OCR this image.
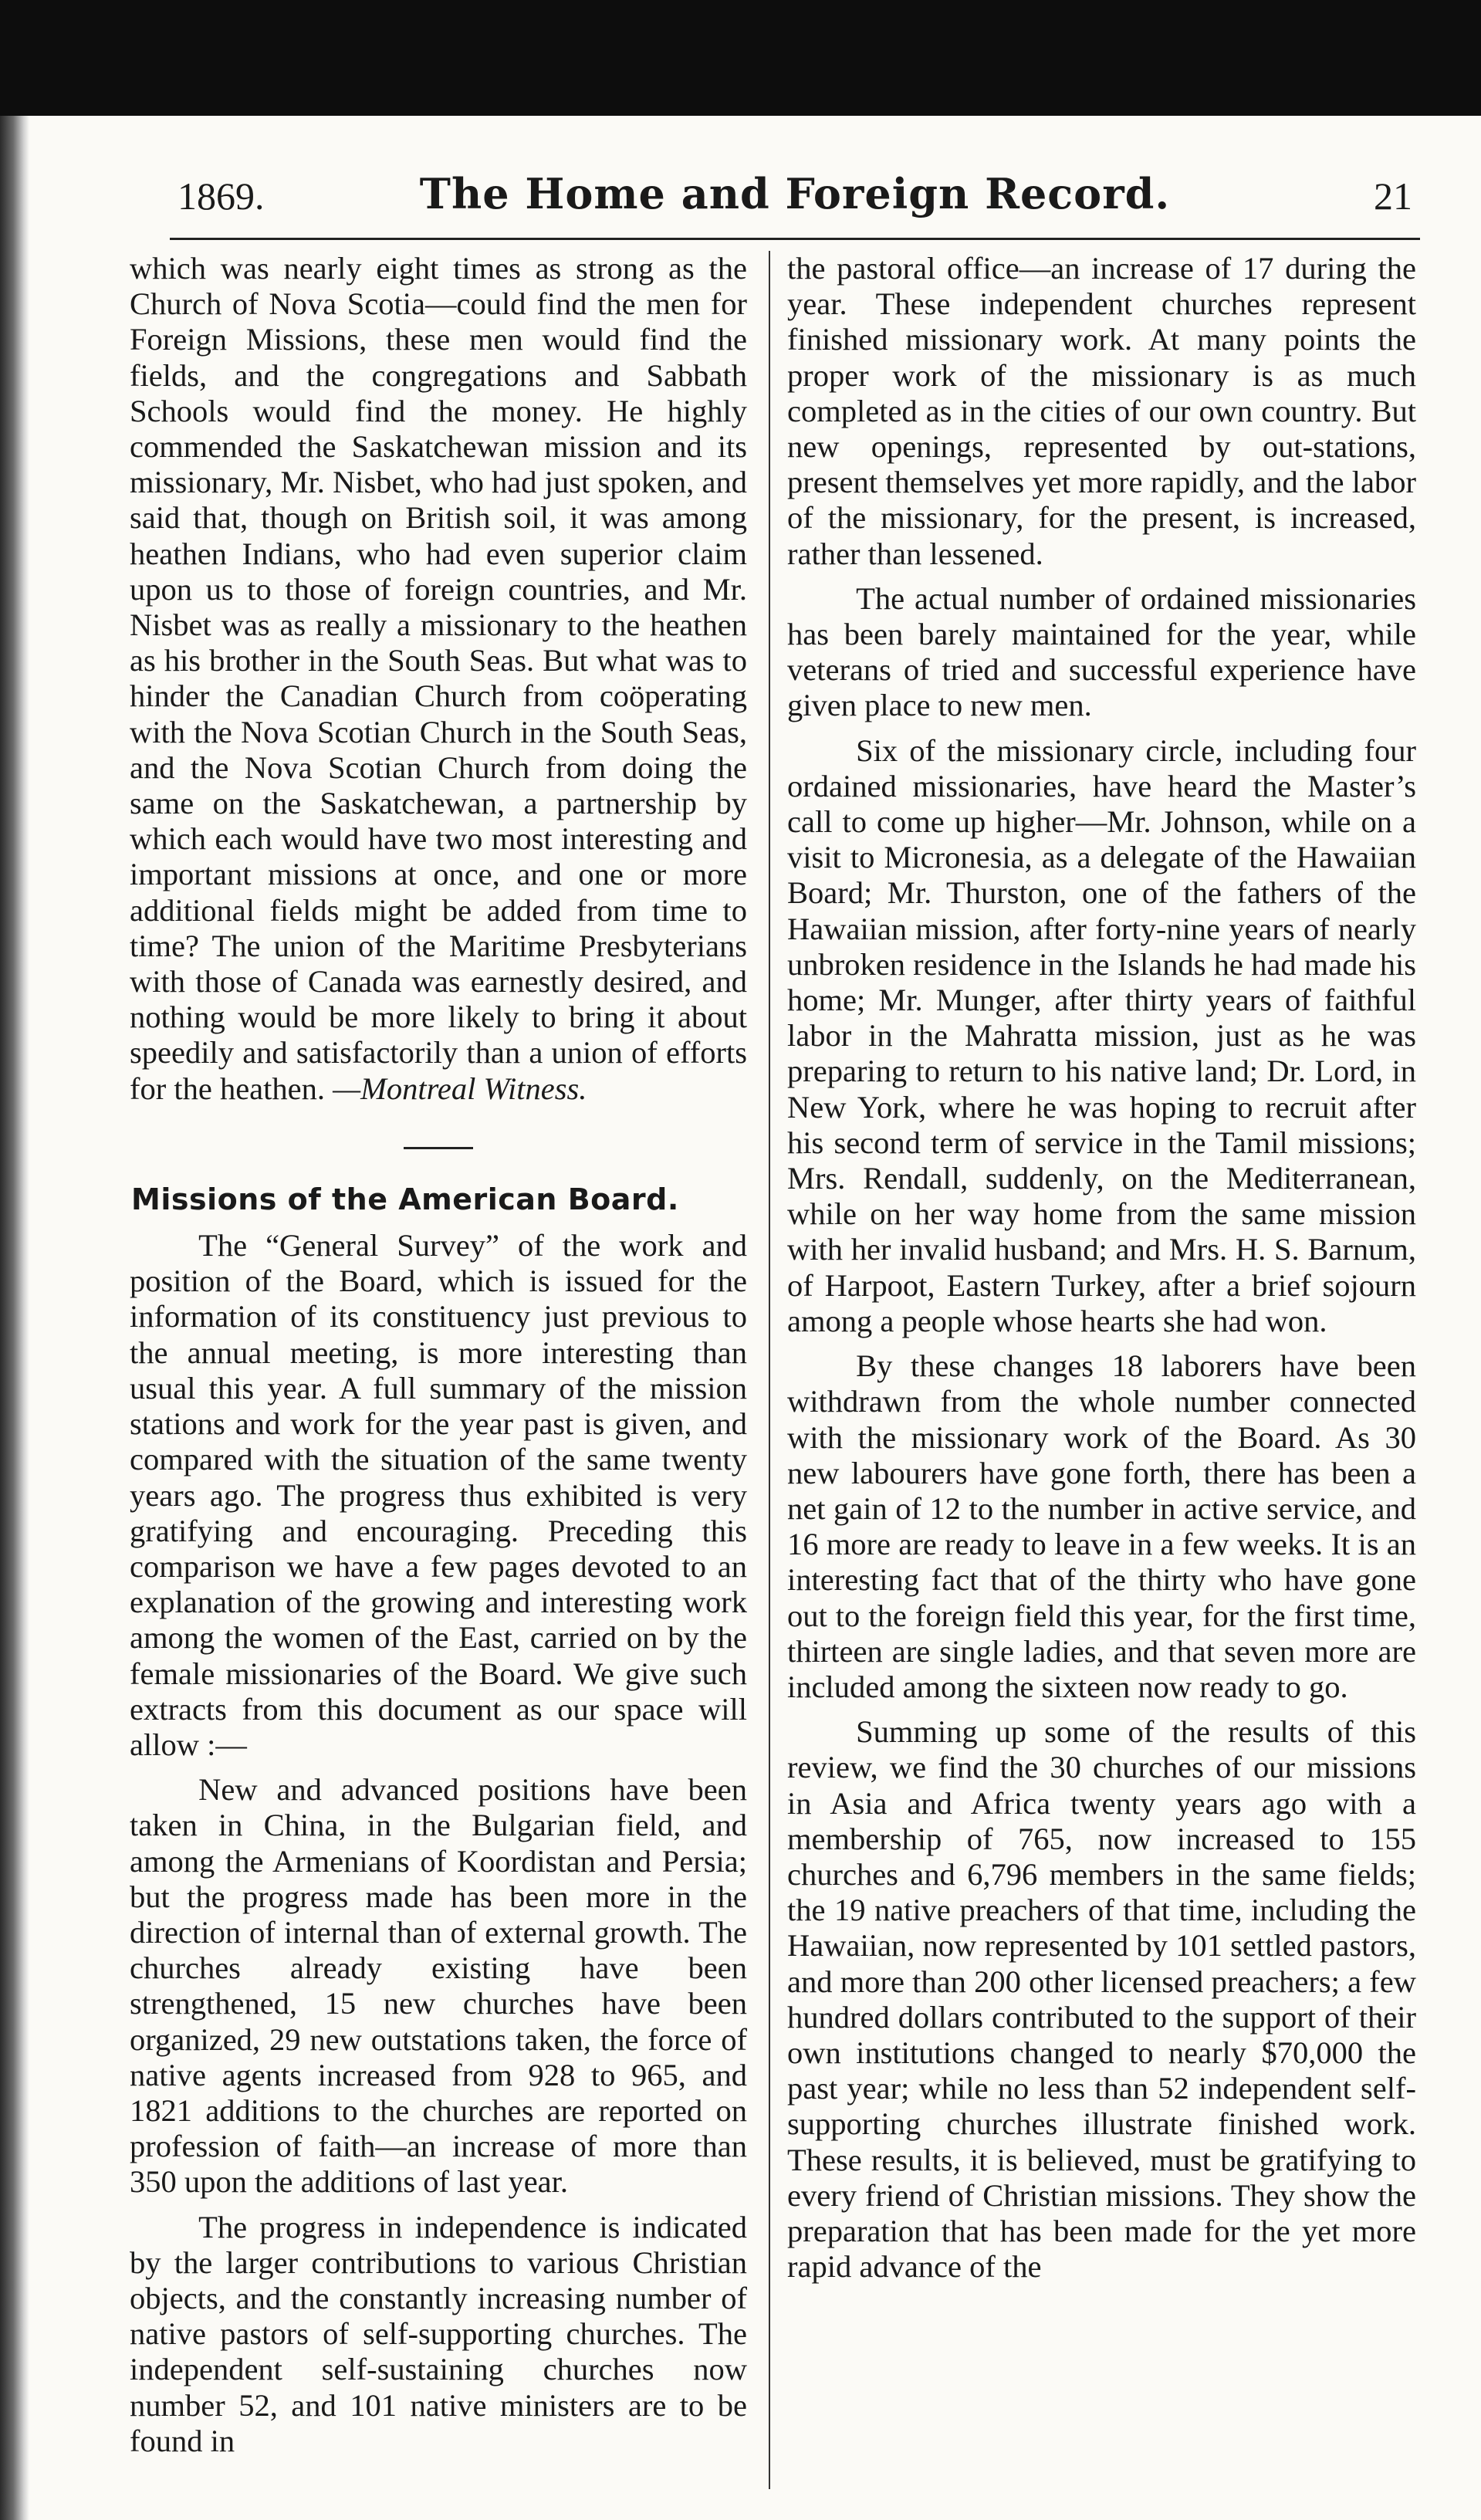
1869.	The Home and Foreign Record.	21

which was nearly eight times as strong as the Church of Nova Scotia—could find the men for Foreign Missions, these men would find the fields, and the congregations and Sabbath Schools would find the money. He highly commended the Saskatchewan mission and its missionary, Mr. Nisbet, who had just spoken, and said that, though on British soil, it was among heathen Indians, who had even superior claim upon us to those of foreign countries, and Mr. Nisbet was as really a missionary to the heathen as his brother in the South Seas. But what was to hinder the Canadian Church from coöperating with the Nova Scotian Church in the South Seas, and the Nova Scotian Church from doing the same on the Saskatchewan, a partnership by which each would have two most interesting and important missions at once, and one or more additional fields might be added from time to time? The union of the Maritime Presbyterians with those of Canada was earnestly desired, and nothing would be more likely to bring it about speedily and satisfactorily than a union of efforts for the heathen. —Montreal Witness.

Missions of the American Board.

The “General Survey” of the work and position of the Board, which is issued for the information of its constituency just previous to the annual meeting, is more interesting than usual this year. A full summary of the mission stations and work for the year past is given, and compared with the situation of the same twenty years ago. The progress thus exhibited is very gratifying and encouraging. Preceding this comparison we have a few pages devoted to an explanation of the growing and interesting work among the women of the East, carried on by the female missionaries of the Board. We give such extracts from this document as our space will allow :—

New and advanced positions have been taken in China, in the Bulgarian field, and among the Armenians of Koordistan and Persia; but the progress made has been more in the direction of internal than of external growth. The churches already existing have been strengthened, 15 new churches have been organized, 29 new outstations taken, the force of native agents increased from 928 to 965, and 1821 additions to the churches are reported on profession of faith—an increase of more than 350 upon the additions of last year.

The progress in independence is indicated by the larger contributions to various Christian objects, and the constantly increasing number of native pastors of self-supporting churches. The independent self-sustaining churches now number 52, and 101 native ministers are to be found in

the pastoral office—an increase of 17 during the year. These independent churches represent finished missionary work. At many points the proper work of the missionary is as much completed as in the cities of our own country. But new openings, represented by out-stations, present themselves yet more rapidly, and the labor of the missionary, for the present, is increased, rather than lessened.

The actual number of ordained missionaries has been barely maintained for the year, while veterans of tried and successful experience have given place to new men.

Six of the missionary circle, including four ordained missionaries, have heard the Master’s call to come up higher—Mr. Johnson, while on a visit to Micronesia, as a delegate of the Hawaiian Board; Mr. Thurston, one of the fathers of the Hawaiian mission, after forty-nine years of nearly unbroken residence in the Islands he had made his home; Mr. Munger, after thirty years of faithful labor in the Mahratta mission, just as he was preparing to return to his native land; Dr. Lord, in New York, where he was hoping to recruit after his second term of service in the Tamil missions; Mrs. Rendall, suddenly, on the Mediterranean, while on her way home from the same mission with her invalid husband; and Mrs. H. S. Barnum, of Harpoot, Eastern Turkey, after a brief sojourn among a people whose hearts she had won.

By these changes 18 laborers have been withdrawn from the whole number connected with the missionary work of the Board. As 30 new labourers have gone forth, there has been a net gain of 12 to the number in active service, and 16 more are ready to leave in a few weeks. It is an interesting fact that of the thirty who have gone out to the foreign field this year, for the first time, thirteen are single ladies, and that seven more are included among the sixteen now ready to go.

Summing up some of the results of this review, we find the 30 churches of our missions in Asia and Africa twenty years ago with a membership of 765, now increased to 155 churches and 6,796 members in the same fields; the 19 native preachers of that time, including the Hawaiian, now represented by 101 settled pastors, and more than 200 other licensed preachers; a few hundred dollars contributed to the support of their own institutions changed to nearly $70,000 the past year; while no less than 52 independent self-supporting churches illustrate finished work. These results, it is believed, must be gratifying to every friend of Christian missions. They show the preparation that has been made for the yet more rapid advance of the
